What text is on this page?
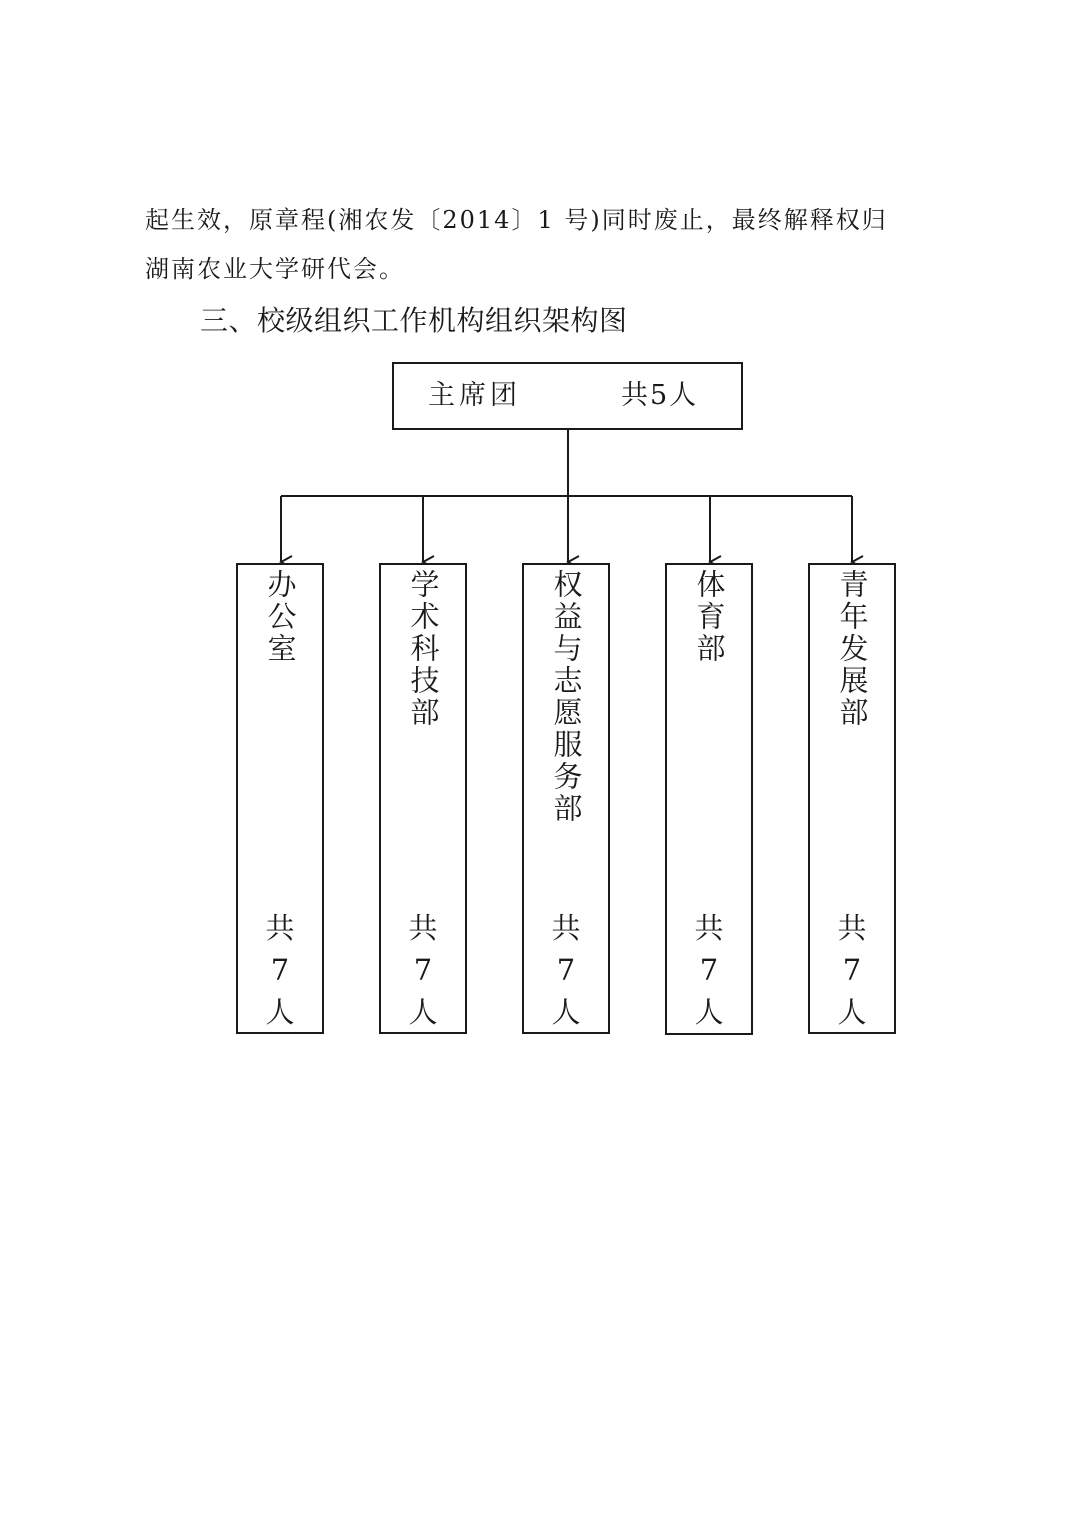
起生效，原章程(湘农发〔2014〕1 号)同时废止，最终解释权归
湖南农业大学研代会。
三、校级组织工作机构组织架构图
主席团	共5人
办公室
共
7
人
学术科技部
共
7
人
权益与志愿服务部
共
7
人
体育部
共
7
人
青年发展部
共
7
人
